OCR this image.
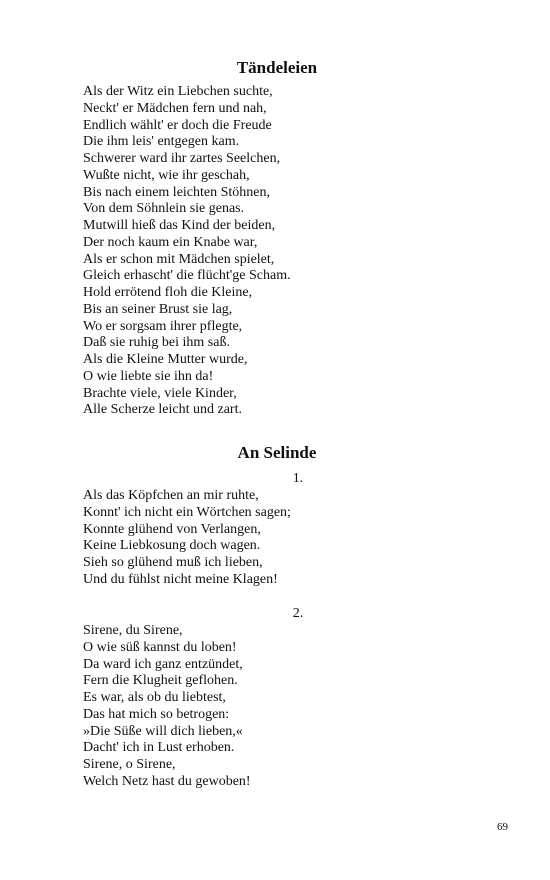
Tändeleien
Als der Witz ein Liebchen suchte,
Neckt' er Mädchen fern und nah,
Endlich wählt' er doch die Freude
Die ihm leis' entgegen kam.
Schwerer ward ihr zartes Seelchen,
Wußte nicht, wie ihr geschah,
Bis nach einem leichten Stöhnen,
Von dem Söhnlein sie genas.
Mutwill hieß das Kind der beiden,
Der noch kaum ein Knabe war,
Als er schon mit Mädchen spielet,
Gleich erhascht' die flücht'ge Scham.
Hold errötend floh die Kleine,
Bis an seiner Brust sie lag,
Wo er sorgsam ihrer pflegte,
Daß sie ruhig bei ihm saß.
Als die Kleine Mutter wurde,
O wie liebte sie ihn da!
Brachte viele, viele Kinder,
Alle Scherze leicht und zart.
An Selinde

1.

Als das Köpfchen an mir ruhte,
Konnt' ich nicht ein Wörtchen sagen;
Konnte glühend von Verlangen,
Keine Liebkosung doch wagen.
Sieh so glühend muß ich lieben,
Und du fühlst nicht meine Klagen!

2.

Sirene, du Sirene,
O wie süß kannst du loben!
Da ward ich ganz entzündet,
Fern die Klugheit geflohen.
Es war, als ob du liebtest,
Das hat mich so betrogen:
»Die Süße will dich lieben,«
Dacht' ich in Lust erhoben.
Sirene, o Sirene,
Welch Netz hast du gewoben!
69
